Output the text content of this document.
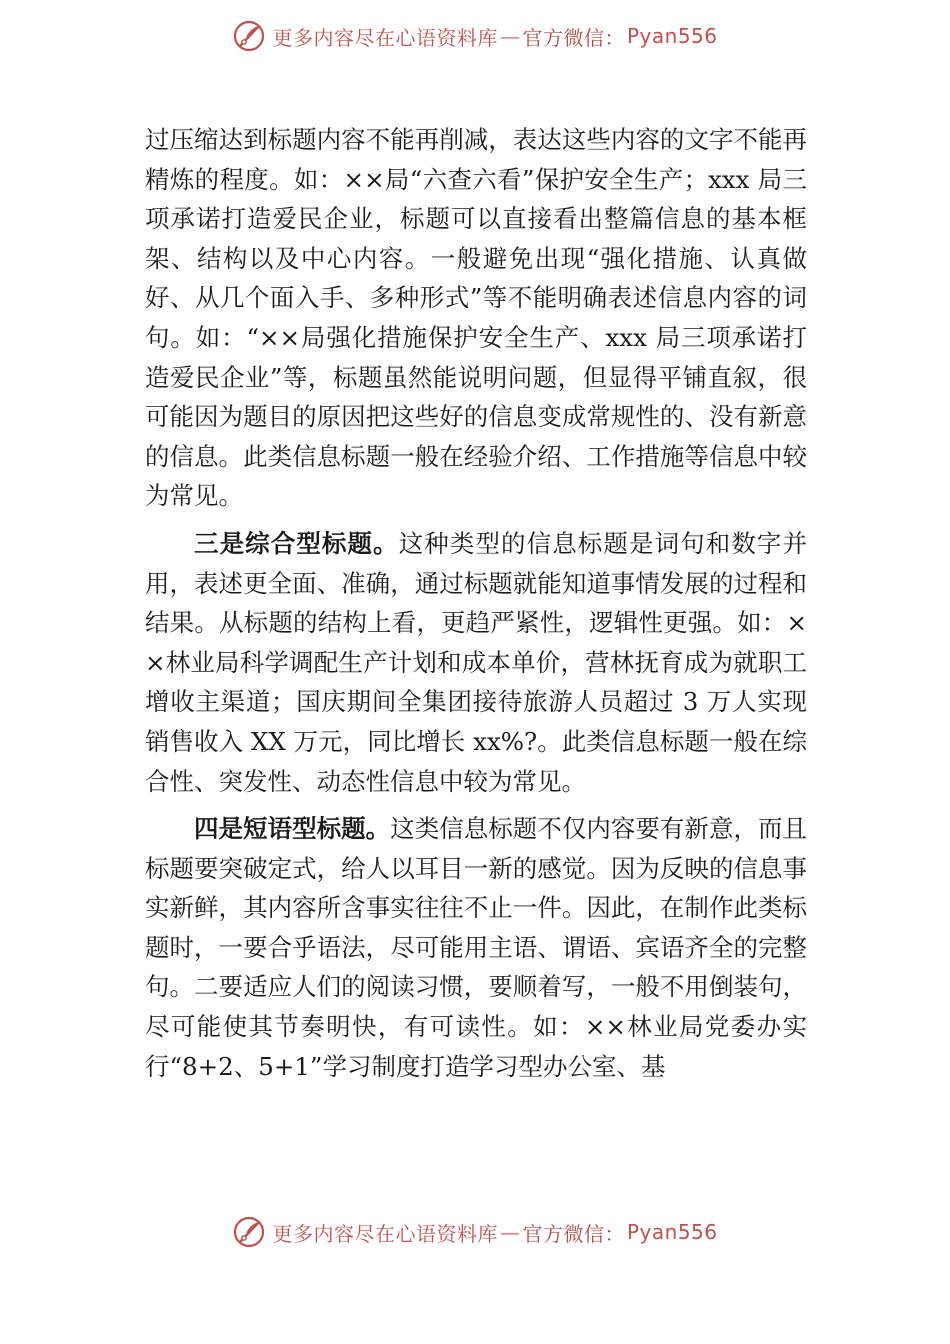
更多内容尽在心语资料库 — 官方微信： Pyan556

过压缩达到标题内容不能再削减，表达这些内容的文字不能再精炼的程度。如：××局“六查六看”保护安全生产；xxx 局三项承诺打造爱民企业，标题可以直接看出整篇信息的基本框架、结构以及中心内容。一般避免出现“强化措施、认真做好、从几个面入手、多种形式”等不能明确表述信息内容的词句。如：“××局强化措施保护安全生产、xxx 局三项承诺打造爱民企业”等，标题虽然能说明问题，但显得平铺直叙，很可能因为题目的原因把这些好的信息变成常规性的、没有新意的信息。此类信息标题一般在经验介绍、工作措施等信息中较为常见。

三是综合型标题。这种类型的信息标题是词句和数字并用，表述更全面、准确，通过标题就能知道事情发展的过程和结果。从标题的结构上看，更趋严紧性，逻辑性更强。如：××林业局科学调配生产计划和成本单价，营林抚育成为就职工增收主渠道；国庆期间全集团接待旅游人员超过 3 万人实现销售收入 XX 万元，同比增长 xx%?。此类信息标题一般在综合性、突发性、动态性信息中较为常见。

四是短语型标题。这类信息标题不仅内容要有新意，而且标题要突破定式，给人以耳目一新的感觉。因为反映的信息事实新鲜，其内容所含事实往往不止一件。因此，在制作此类标题时，一要合乎语法，尽可能用主语、谓语、宾语齐全的完整句。二要适应人们的阅读习惯，要顺着写，一般不用倒装句，尽可能使其节奏明快，有可读性。如：××林业局党委办实行“8+2、5+1”学习制度打造学习型办公室、基

更多内容尽在心语资料库 — 官方微信： Pyan556
